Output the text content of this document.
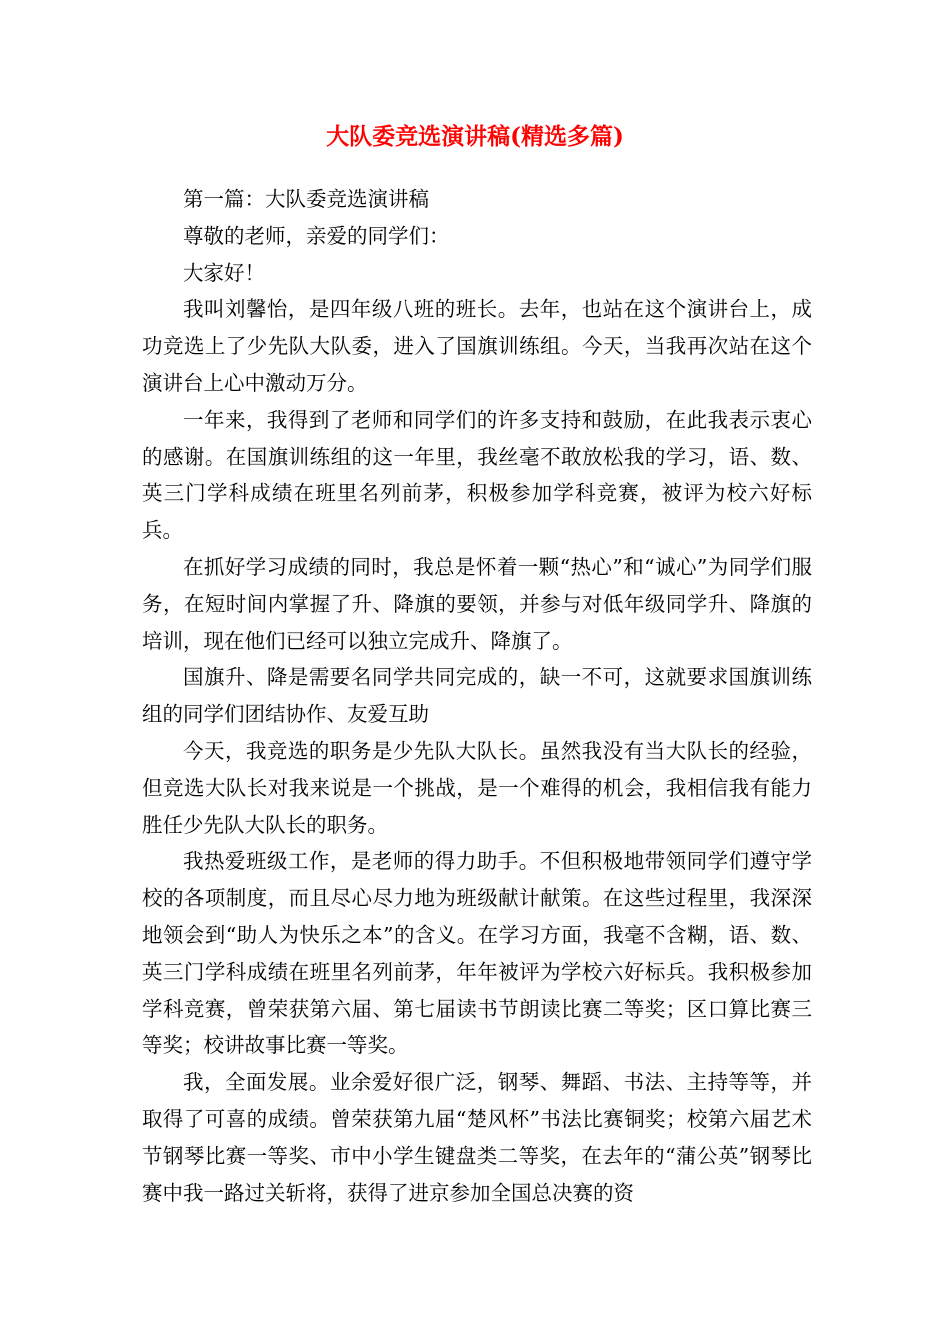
大队委竞选演讲稿(精选多篇)

第一篇：大队委竞选演讲稿

尊敬的老师，亲爱的同学们：

大家好！

我叫刘馨怡，是四年级八班的班长。去年，也站在这个演讲台上，成功竞选上了少先队大队委，进入了国旗训练组。今天，当我再次站在这个演讲台上心中激动万分。

一年来，我得到了老师和同学们的许多支持和鼓励，在此我表示衷心的感谢。在国旗训练组的这一年里，我丝毫不敢放松我的学习，语、数、英三门学科成绩在班里名列前茅，积极参加学科竞赛，被评为校六好标兵。

在抓好学习成绩的同时，我总是怀着一颗“热心”和“诚心”为同学们服务，在短时间内掌握了升、降旗的要领，并参与对低年级同学升、降旗的培训，现在他们已经可以独立完成升、降旗了。

国旗升、降是需要名同学共同完成的，缺一不可，这就要求国旗训练组的同学们团结协作、友爱互助

今天，我竞选的职务是少先队大队长。虽然我没有当大队长的经验，但竞选大队长对我来说是一个挑战，是一个难得的机会，我相信我有能力胜任少先队大队长的职务。

我热爱班级工作，是老师的得力助手。不但积极地带领同学们遵守学校的各项制度，而且尽心尽力地为班级献计献策。在这些过程里，我深深地领会到“助人为快乐之本”的含义。在学习方面，我毫不含糊，语、数、英三门学科成绩在班里名列前茅，年年被评为学校六好标兵。我积极参加学科竞赛，曾荣获第六届、第七届读书节朗读比赛二等奖；区口算比赛三等奖；校讲故事比赛一等奖。

我，全面发展。业余爱好很广泛，钢琴、舞蹈、书法、主持等等，并取得了可喜的成绩。曾荣获第九届“楚风杯”书法比赛铜奖；校第六届艺术节钢琴比赛一等奖、市中小学生键盘类二等奖，在去年的“蒲公英”钢琴比赛中我一路过关斩将，获得了进京参加全国总决赛的资
